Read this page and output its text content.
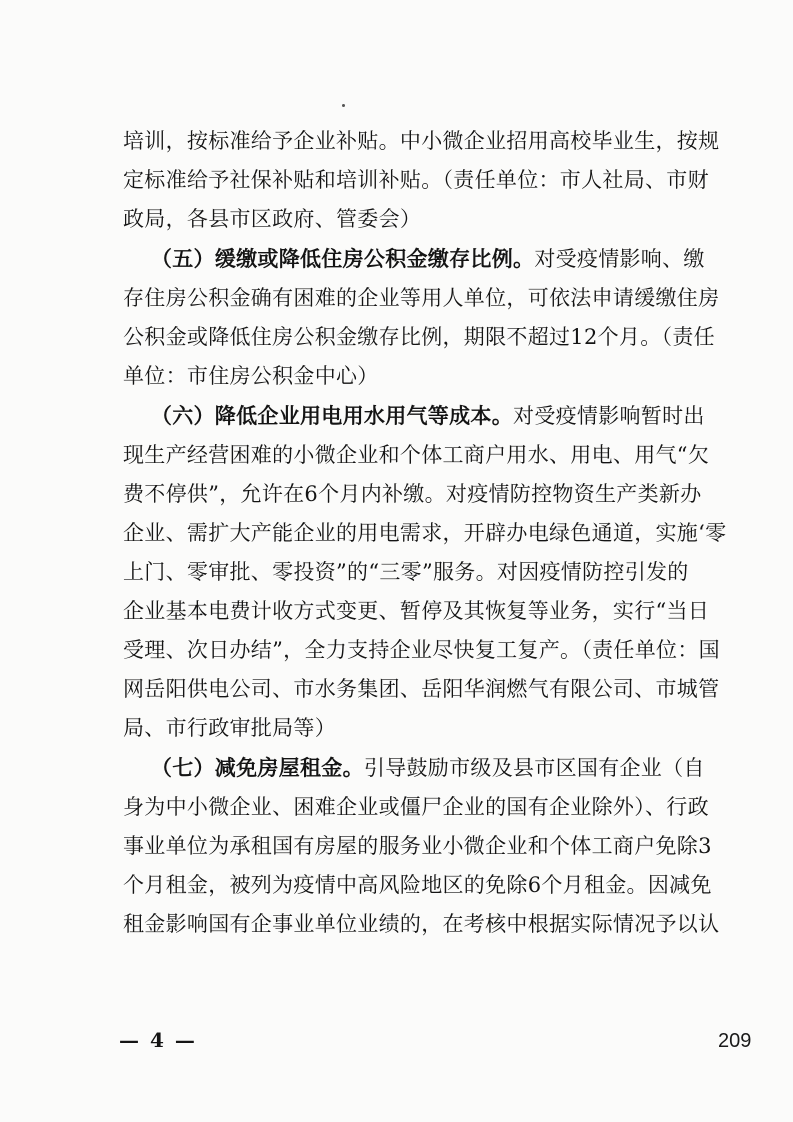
培训，按标准给予企业补贴。中小微企业招用高校毕业生，按规
定标准给予社保补贴和培训补贴。（责任单位：市人社局、市财
政局，各县市区政府、管委会）

（五）缓缴或降低住房公积金缴存比例。对受疫情影响、缴
存住房公积金确有困难的企业等用人单位，可依法申请缓缴住房
公积金或降低住房公积金缴存比例，期限不超过12个月。（责任
单位：市住房公积金中心）

（六）降低企业用电用水用气等成本。对受疫情影响暂时出
现生产经营困难的小微企业和个体工商户用水、用电、用气“欠
费不停供”，允许在6个月内补缴。对疫情防控物资生产类新办
企业、需扩大产能企业的用电需求，开辟办电绿色通道，实施‘零
上门、零审批、零投资”的“三零”服务。对因疫情防控引发的
企业基本电费计收方式变更、暂停及其恢复等业务，实行“当日
受理、次日办结”，全力支持企业尽快复工复产。（责任单位：国
网岳阳供电公司、市水务集团、岳阳华润燃气有限公司、市城管
局、市行政审批局等）

（七）减免房屋租金。引导鼓励市级及县市区国有企业（自
身为中小微企业、困难企业或僵尸企业的国有企业除外）、行政
事业单位为承租国有房屋的服务业小微企业和个体工商户免除3
个月租金，被列为疫情中高风险地区的免除6个月租金。因减免
租金影响国有企事业单位业绩的，在考核中根据实际情况予以认

— 4 —	209
